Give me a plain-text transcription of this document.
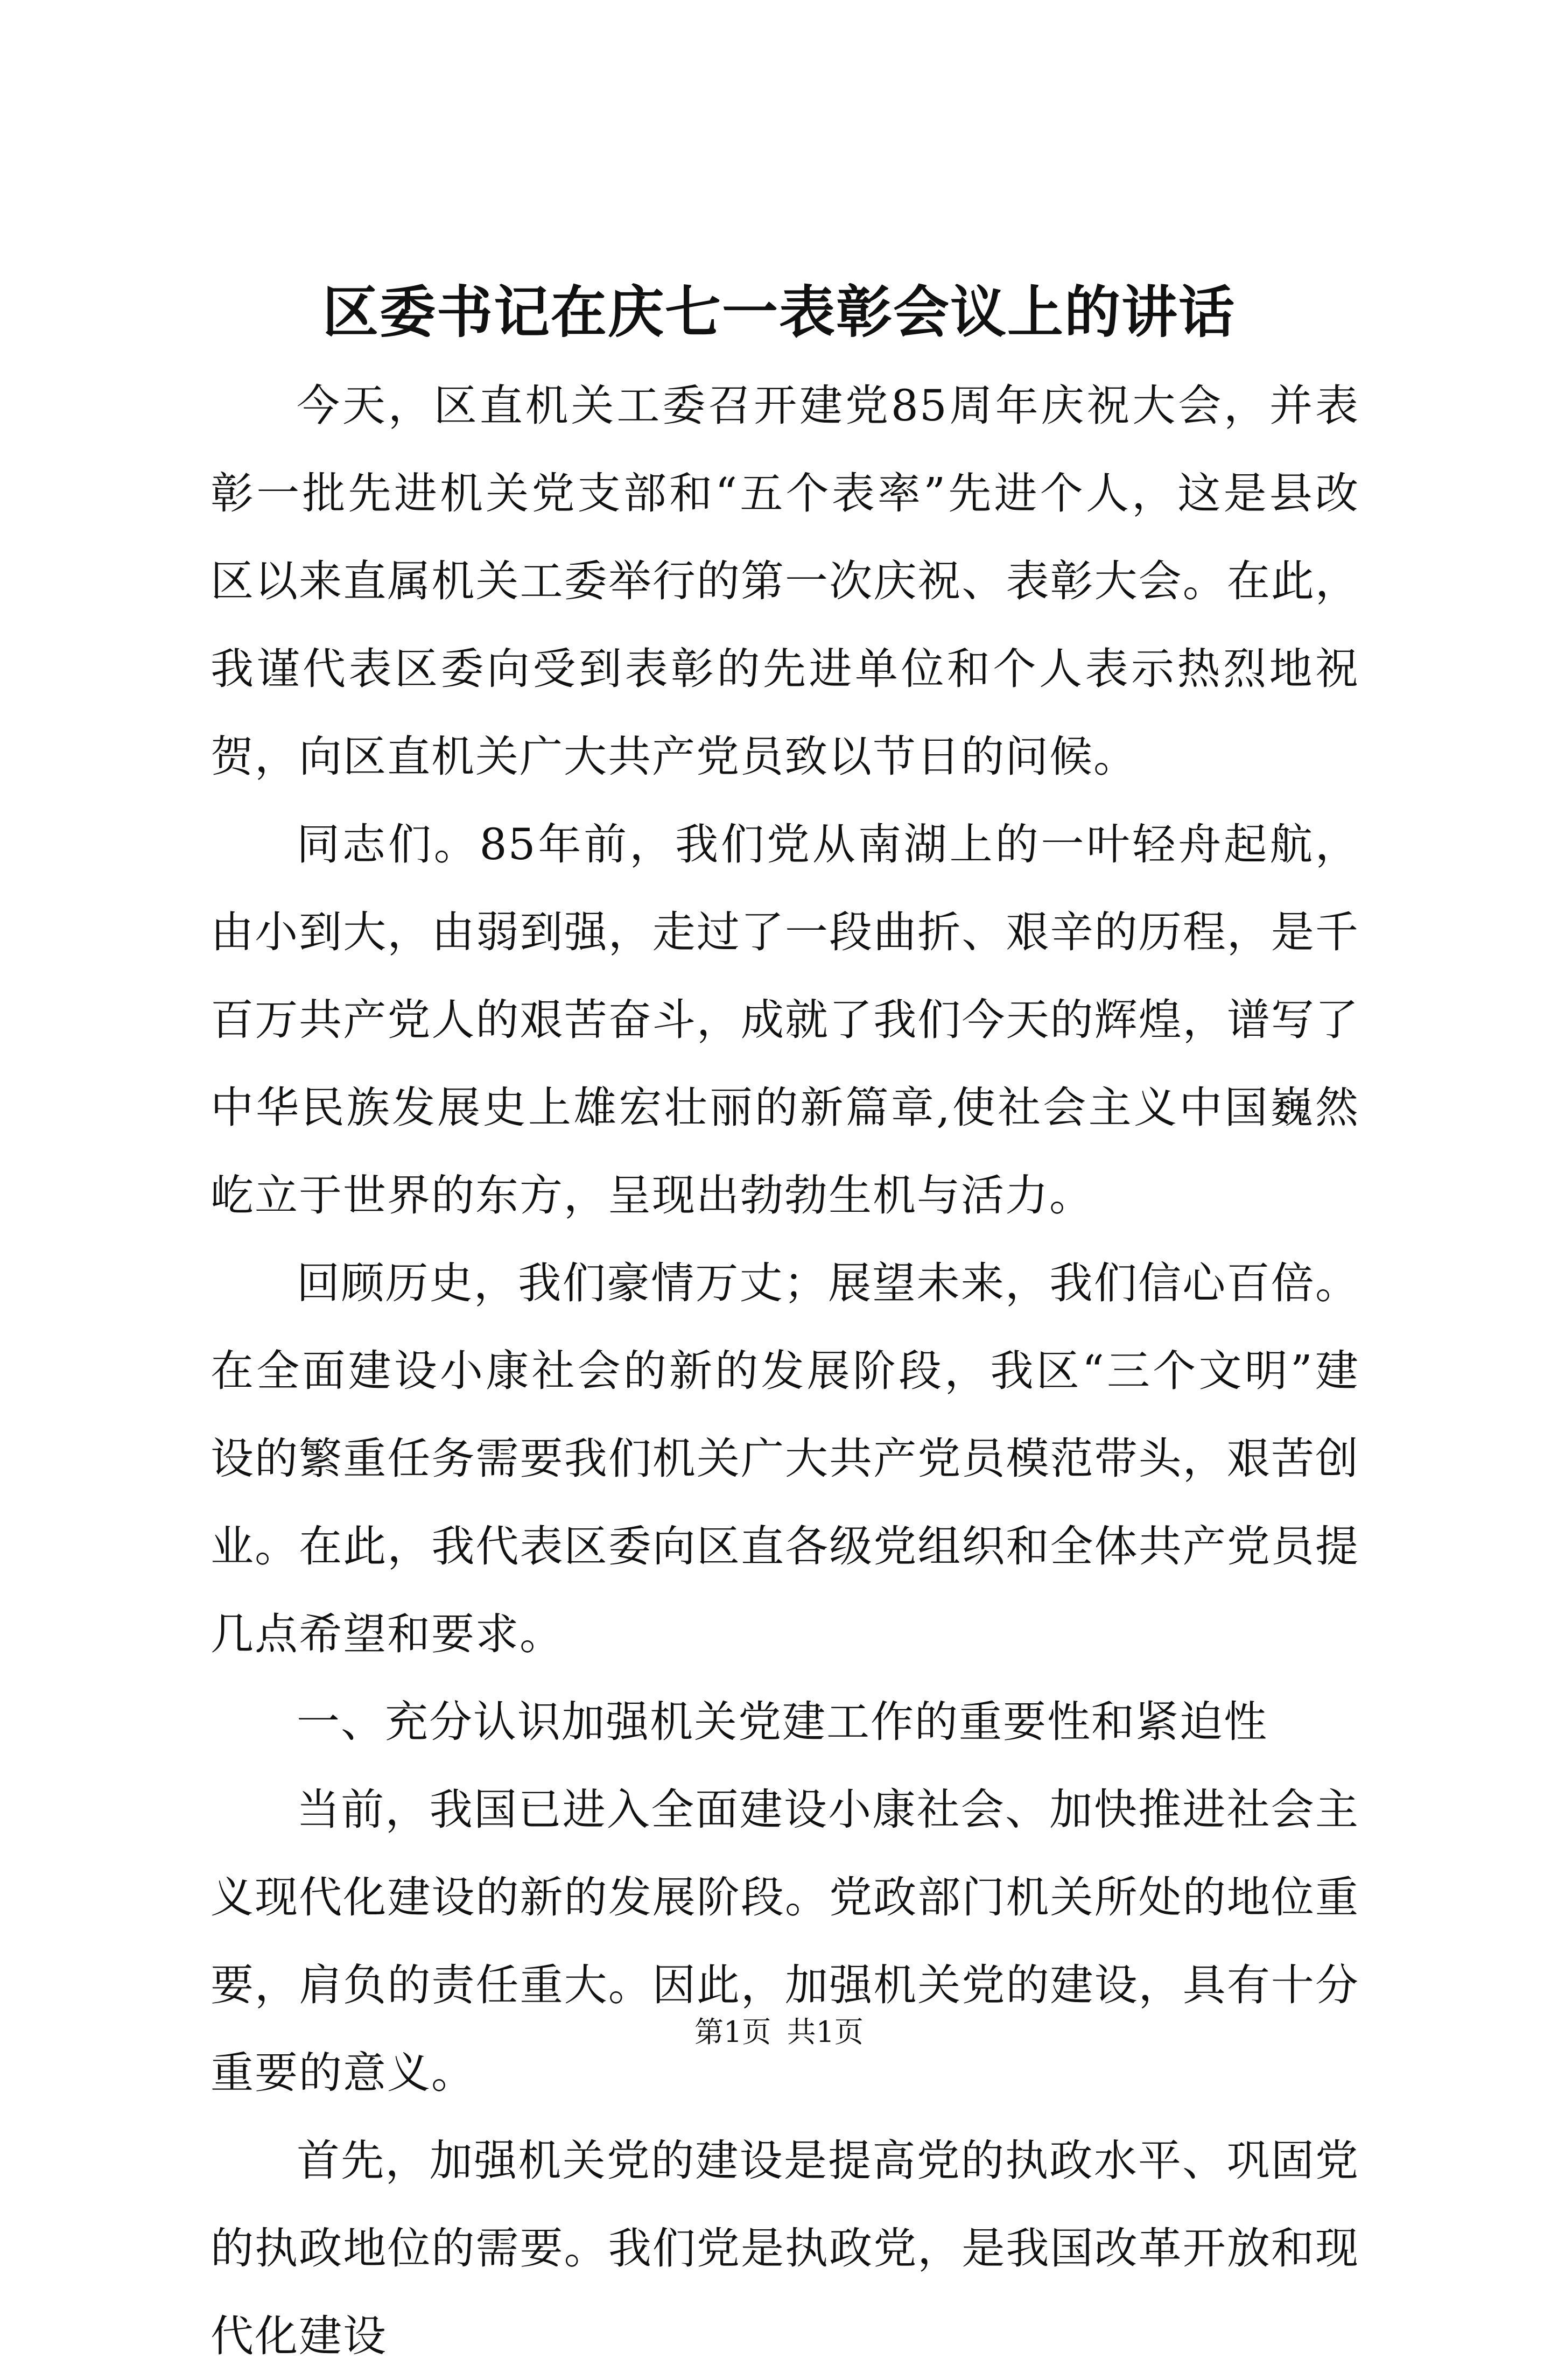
区委书记在庆七一表彰会议上的讲话

今天，区直机关工委召开建党85周年庆祝大会，并表彰一批先进机关党支部和“五个表率”先进个人，这是县改区以来直属机关工委举行的第一次庆祝、表彰大会。在此，我谨代表区委向受到表彰的先进单位和个人表示热烈地祝贺，向区直机关广大共产党员致以节日的问候。

同志们。85年前，我们党从南湖上的一叶轻舟起航，由小到大，由弱到强，走过了一段曲折、艰辛的历程，是千百万共产党人的艰苦奋斗，成就了我们今天的辉煌，谱写了中华民族发展史上雄宏壮丽的新篇章,使社会主义中国巍然屹立于世界的东方，呈现出勃勃生机与活力。

回顾历史，我们豪情万丈；展望未来，我们信心百倍。在全面建设小康社会的新的发展阶段，我区“三个文明”建设的繁重任务需要我们机关广大共产党员模范带头，艰苦创业。在此，我代表区委向区直各级党组织和全体共产党员提几点希望和要求。

一、充分认识加强机关党建工作的重要性和紧迫性

当前，我国已进入全面建设小康社会、加快推进社会主义现代化建设的新的发展阶段。党政部门机关所处的地位重要，肩负的责任重大。因此，加强机关党的建设，具有十分重要的意义。

首先，加强机关党的建设是提高党的执政水平、巩固党的执政地位的需要。我们党是执政党，是我国改革开放和现代化建设

第1页 共1页
